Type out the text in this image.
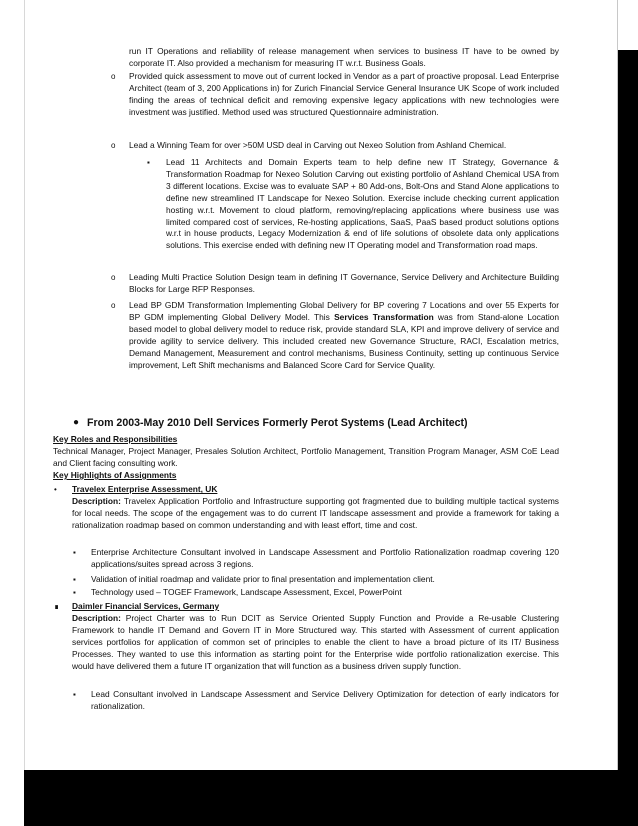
run IT Operations and reliability of release management when services to business IT have to be owned by corporate IT. Also provided a mechanism for measuring IT w.r.t. Business Goals.

o Provided quick assessment to move out of current locked in Vendor as a part of proactive proposal. Lead Enterprise Architect (team of 3, 200 Applications in) for Zurich Financial Service General Insurance UK Scope of work included finding the areas of technical deficit and removing expensive legacy applications with new technologies were investment was justified. Method used was structured Questionnaire administration.

o Lead a Winning Team for over >50M USD deal in Carving out Nexeo Solution from Ashland Chemical.

▪ Lead 11 Architects and Domain Experts team to help define new IT Strategy, Governance & Transformation Roadmap for Nexeo Solution Carving out existing portfolio of Ashland Chemical USA from 3 different locations. Excise was to evaluate SAP + 80 Add-ons, Bolt-Ons and Stand Alone applications to define new streamlined IT Landscape for Nexeo Solution. Exercise include checking current application hosting w.r.t. Movement to cloud platform, removing/replacing applications where business use was limited compared cost of services, Re-hosting applications, SaaS, PaaS based product solutions options w.r.t in house products, Legacy Modernization & end of life solutions of obsolete data only applications solutions. This exercise ended with defining new IT Operating model and Transformation road maps.

o Leading Multi Practice Solution Design team in defining IT Governance, Service Delivery and Architecture Building Blocks for Large RFP Responses.

o Lead BP GDM Transformation Implementing Global Delivery for BP covering 7 Locations and over 55 Experts for BP GDM implementing Global Delivery Model. This Services Transformation was from Stand-alone Location based model to global delivery model to reduce risk, provide standard SLA, KPI and improve delivery of service and provide agility to service delivery. This included created new Governance Structure, RACI, Escalation metrics, Demand Management, Measurement and control mechanisms, Business Continuity, setting up continuous Service improvement, Left Shift mechanisms and Balanced Score Card for Service Quality.

● From 2003-May 2010 Dell Services Formerly Perot Systems (Lead Architect)

Key Roles and Responsibilities

Technical Manager, Project Manager, Presales Solution Architect, Portfolio Management, Transition Program Manager, ASM CoE Lead and Client facing consulting work.

Key Highlights of Assignments

• Travelex Enterprise Assessment, UK

Description: Travelex Application Portfolio and Infrastructure supporting got fragmented due to building multiple tactical systems for local needs. The scope of the engagement was to do current IT landscape assessment and provide a framework for taking a rationalization roadmap based on common understanding and with least effort, time and cost.

▪ Enterprise Architecture Consultant involved in Landscape Assessment and Portfolio Rationalization roadmap covering 120 applications/suites spread across 3 regions.

▪ Validation of initial roadmap and validate prior to final presentation and implementation client.

▪ Technology used – TOGEF Framework, Landscape Assessment, Excel, PowerPoint

∎ Daimler Financial Services, Germany

Description: Project Charter was to Run DCIT as Service Oriented Supply Function and Provide a Re-usable Clustering Framework to handle IT Demand and Govern IT in More Structured way. This started with Assessment of current application services portfolios for application of common set of principles to enable the client to have a broad picture of its IT/ Business Processes. They wanted to use this information as starting point for the Enterprise wide portfolio rationalization exercise. This would have delivered them a future IT organization that will function as a business driven supply function.

▪ Lead Consultant involved in Landscape Assessment and Service Delivery Optimization for detection of early indicators for rationalization.
